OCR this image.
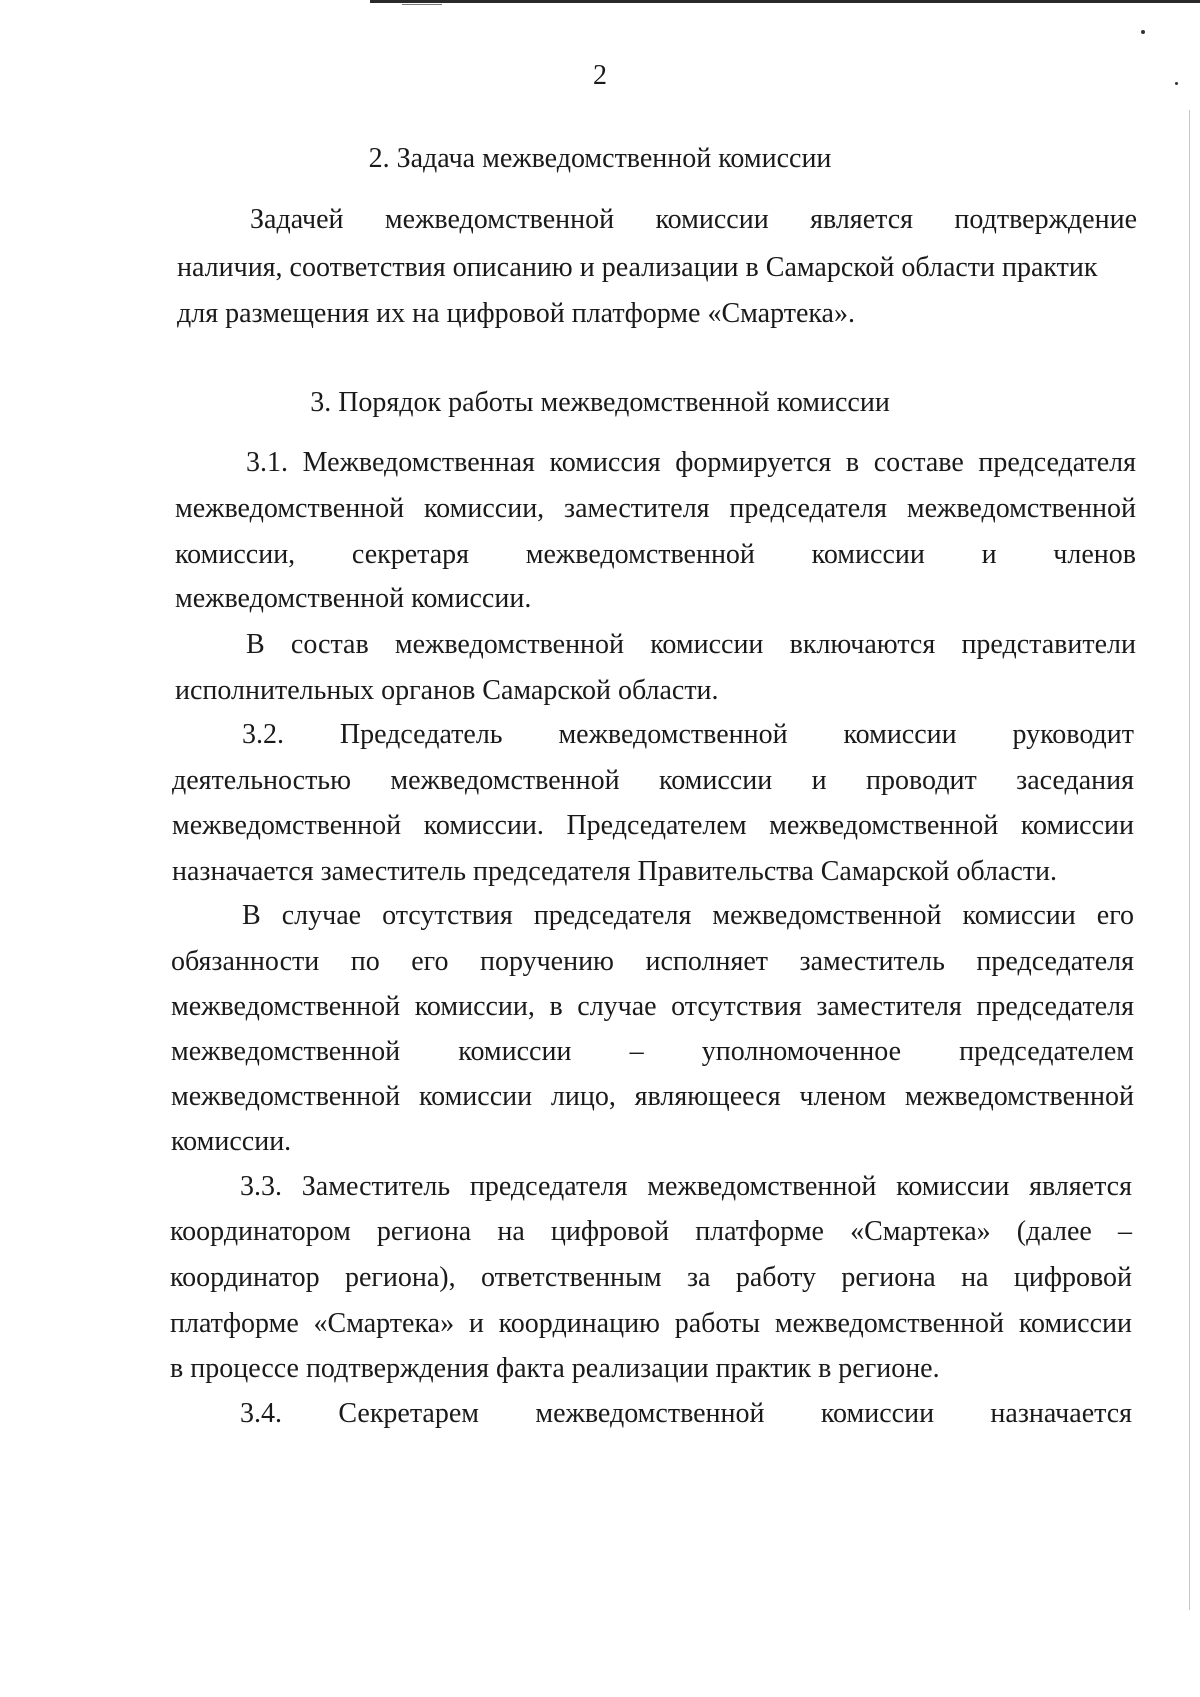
2
2. Задача межведомственной комиссии
Задачей межведомственной комиссии является подтверждение
наличия, соответствия описанию и реализации в Самарской области практик
для размещения их на цифровой платформе «Смартека».
3. Порядок работы межведомственной комиссии
3.1. Межведомственная комиссия формируется в составе председателя
межведомственной комиссии, заместителя председателя межведомственной
комиссии, секретаря межведомственной комиссии и членов
межведомственной комиссии.
В состав межведомственной комиссии включаются представители
исполнительных органов Самарской области.
3.2. Председатель межведомственной комиссии руководит
деятельностью межведомственной комиссии и проводит заседания
межведомственной комиссии. Председателем межведомственной комиссии
назначается заместитель председателя Правительства Самарской области.
В случае отсутствия председателя межведомственной комиссии его
обязанности по его поручению исполняет заместитель председателя
межведомственной комиссии, в случае отсутствия заместителя председателя
межведомственной комиссии – уполномоченное председателем
межведомственной комиссии лицо, являющееся членом межведомственной
комиссии.
3.3. Заместитель председателя межведомственной комиссии является
координатором региона на цифровой платформе «Смартека» (далее –
координатор региона), ответственным за работу региона на цифровой
платформе «Смартека» и координацию работы межведомственной комиссии
в процессе подтверждения факта реализации практик в регионе.
3.4. Секретарем межведомственной комиссии назначается
